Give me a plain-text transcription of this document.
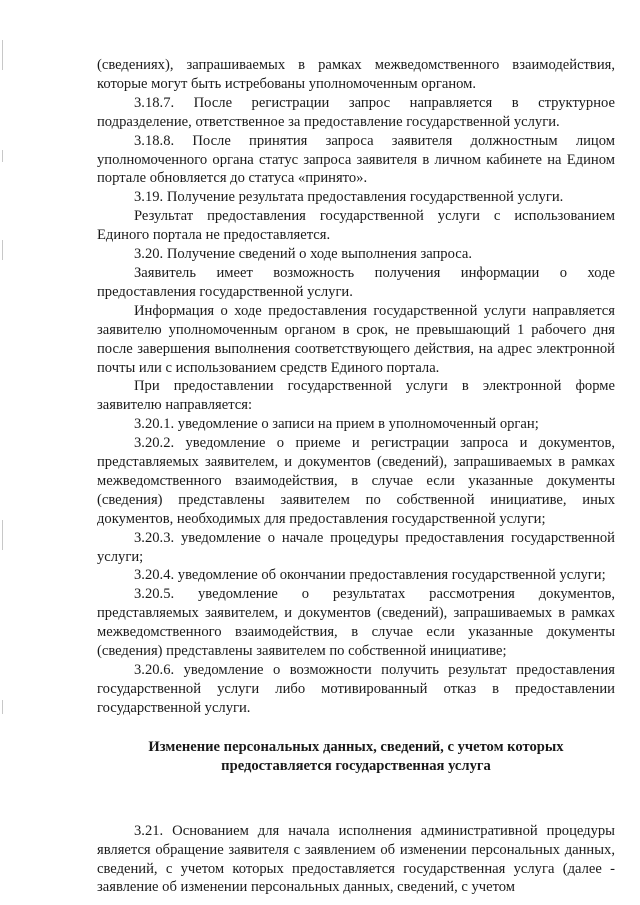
(сведениях), запрашиваемых в рамках межведомственного взаимодействия, которые могут быть истребованы уполномоченным органом.

3.18.7. После регистрации запрос направляется в структурное подразделение, ответственное за предоставление государственной услуги.

3.18.8. После принятия запроса заявителя должностным лицом уполномоченного органа статус запроса заявителя в личном кабинете на Едином портале обновляется до статуса «принято».

3.19. Получение результата предоставления государственной услуги.

Результат предоставления государственной услуги с использованием Единого портала не предоставляется.

3.20. Получение сведений о ходе выполнения запроса.

Заявитель имеет возможность получения информации о ходе предоставления государственной услуги.

Информация о ходе предоставления государственной услуги направляется заявителю уполномоченным органом в срок, не превышающий 1 рабочего дня после завершения выполнения соответствующего действия, на адрес электронной почты или с использованием средств Единого портала.

При предоставлении государственной услуги в электронной форме заявителю направляется:

3.20.1. уведомление о записи на прием в уполномоченный орган;

3.20.2. уведомление о приеме и регистрации запроса и документов, представляемых заявителем, и документов (сведений), запрашиваемых в рамках межведомственного взаимодействия, в случае если указанные документы (сведения) представлены заявителем по собственной инициативе, иных документов, необходимых для предоставления государственной услуги;

3.20.3. уведомление о начале процедуры предоставления государственной услуги;

3.20.4. уведомление об окончании предоставления государственной услуги;

3.20.5. уведомление о результатах рассмотрения документов, представляемых заявителем, и документов (сведений), запрашиваемых в рамках межведомственного взаимодействия, в случае если указанные документы (сведения) представлены заявителем по собственной инициативе;

3.20.6. уведомление о возможности получить результат предоставления государственной услуги либо мотивированный отказ в предоставлении государственной услуги.

Изменение персональных данных, сведений, с учетом которых
предоставляется государственная услуга

3.21. Основанием для начала исполнения административной процедуры является обращение заявителя с заявлением об изменении персональных данных, сведений, с учетом которых предоставляется государственная услуга (далее - заявление об изменении персональных данных, сведений, с учетом
